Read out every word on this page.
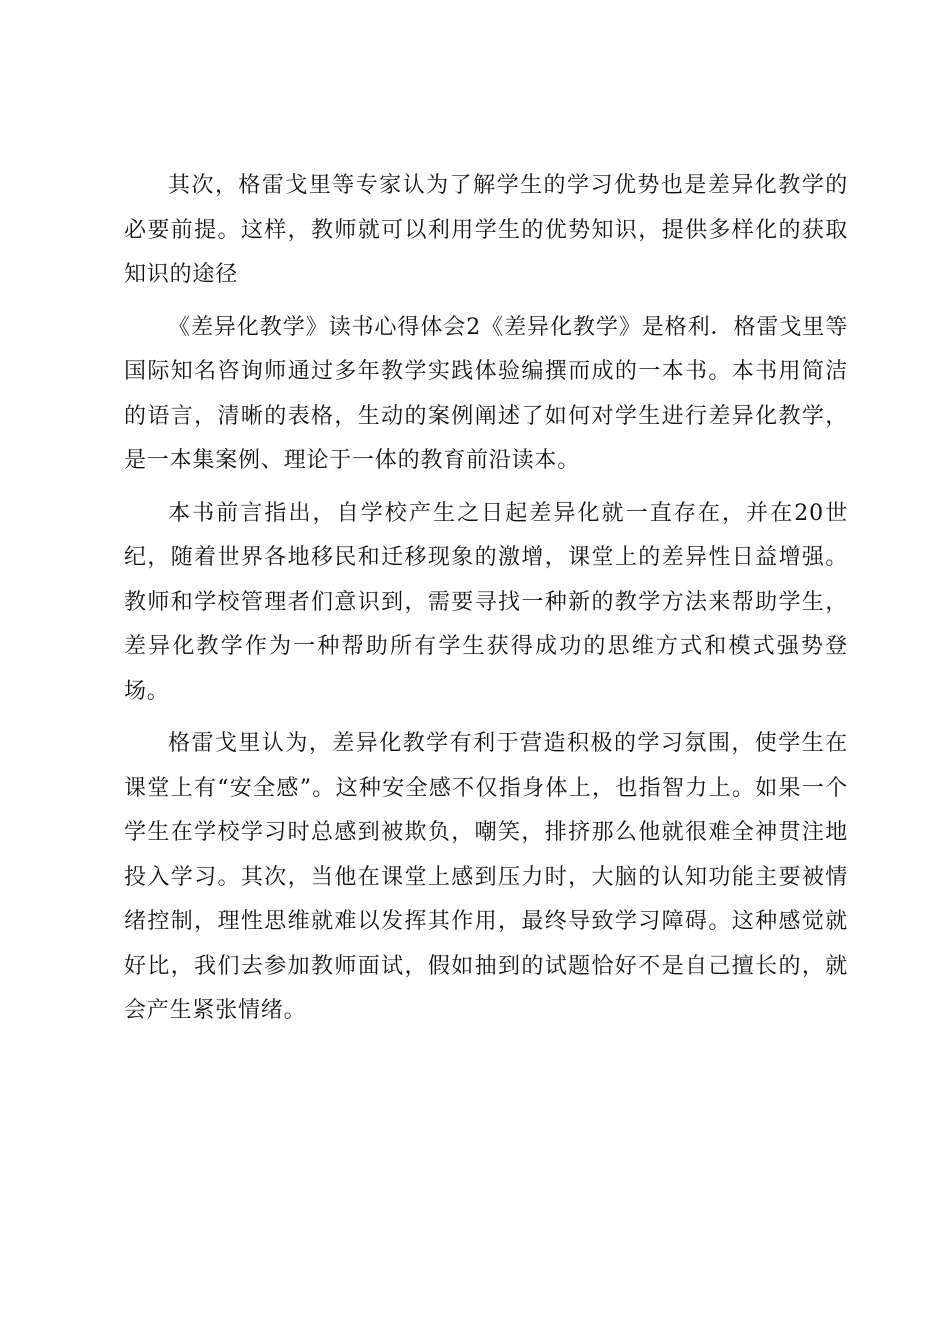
其次，格雷戈里等专家认为了解学生的学习优势也是差异化教学的必要前提。这样，教师就可以利用学生的优势知识，提供多样化的获取知识的途径

《差异化教学》读书心得体会2《差异化教学》是格利．格雷戈里等国际知名咨询师通过多年教学实践体验编撰而成的一本书。本书用简洁的语言，清晰的表格，生动的案例阐述了如何对学生进行差异化教学，是一本集案例、理论于一体的教育前沿读本。

本书前言指出，自学校产生之日起差异化就一直存在，并在20世纪，随着世界各地移民和迁移现象的激增，课堂上的差异性日益增强。教师和学校管理者们意识到，需要寻找一种新的教学方法来帮助学生，差异化教学作为一种帮助所有学生获得成功的思维方式和模式强势登场。

格雷戈里认为，差异化教学有利于营造积极的学习氛围，使学生在课堂上有“安全感”。这种安全感不仅指身体上，也指智力上。如果一个学生在学校学习时总感到被欺负，嘲笑，排挤那么他就很难全神贯注地投入学习。其次，当他在课堂上感到压力时，大脑的认知功能主要被情绪控制，理性思维就难以发挥其作用，最终导致学习障碍。这种感觉就好比，我们去参加教师面试，假如抽到的试题恰好不是自己擅长的，就会产生紧张情绪。
